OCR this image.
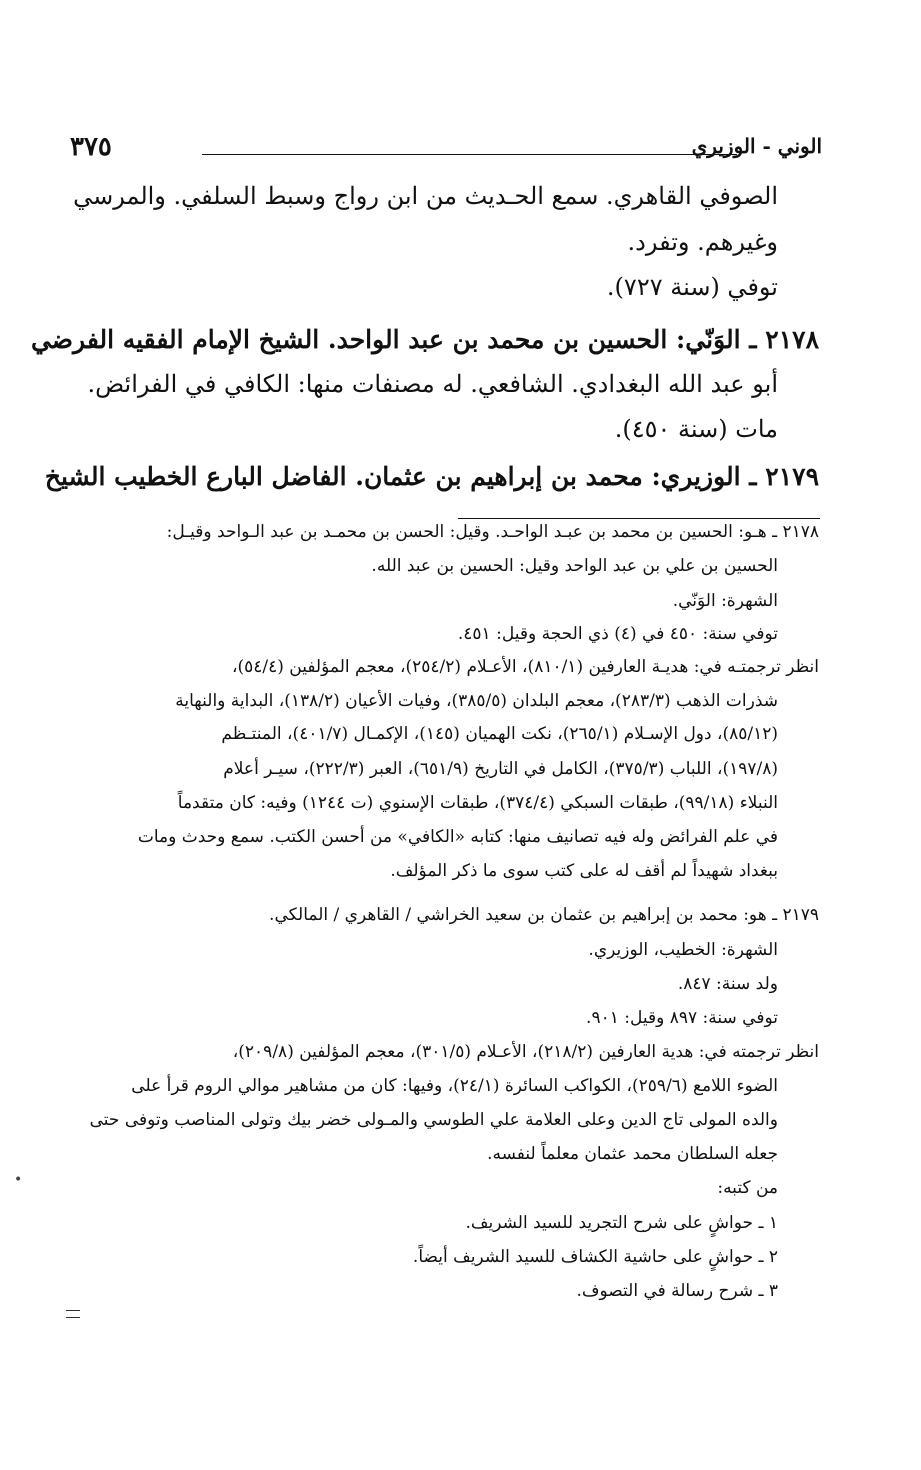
٣٧٥	الوني - الوزيري
الصوفي القاهري. سمع الحـديث من ابن رواج وسبط السلفي. والمرسي
وغيرهم. وتفرد.
توفي (سنة ٧٢٧).
٢١٧٨ ـ الوَنّي: الحسين بن محمد بن عبد الواحد. الشيخ الإمام الفقيه الفرضي
أبو عبد الله البغدادي. الشافعي. له مصنفات منها: الكافي في الفرائض.
مات (سنة ٤٥٠).
٢١٧٩ ـ الوزيري: محمد بن إبراهيم بن عثمان. الفاضل البارع الخطيب الشيخ
٢١٧٨ ـ هـو: الحسين بن محمد بن عبـد الواحـد. وقيل: الحسن بن محمـد بن عبد الـواحد وقيـل:
الحسين بن علي بن عبد الواحد وقيل: الحسين بن عبد الله.
الشهرة: الوَنّي.
توفي سنة: ٤٥٠ في (٤) ذي الحجة وقيل: ٤٥١.
انظر ترجمتـه في: هديـة العارفين (٨١٠/١)، الأعـلام (٢٥٤/٢)، معجم المؤلفين (٥٤/٤)،
شذرات الذهب (٢٨٣/٣)، معجم البلدان (٣٨٥/٥)، وفيات الأعيان (١٣٨/٢)، البداية والنهاية
(٨٥/١٢)، دول الإسـلام (٢٦٥/١)، نكت الهميان (١٤٥)، الإكمـال (٤٠١/٧)، المنتـظم
(١٩٧/٨)، اللباب (٣٧٥/٣)، الكامل في التاريخ (٦٥١/٩)، العبر (٢٢٢/٣)، سيـر أعلام
النبلاء (٩٩/١٨)، طبقات السبكي (٣٧٤/٤)، طبقات الإسنوي (ت ١٢٤٤) وفيه: كان متقدماً
في علم الفرائض وله فيه تصانيف منها: كتابه «الكافي» من أحسن الكتب. سمع وحدث ومات
ببغداد شهيداً لم أقف له على كتب سوى ما ذكر المؤلف.
٢١٧٩ ـ هو: محمد بن إبراهيم بن عثمان بن سعيد الخراشي / القاهري / المالكي.
الشهرة: الخطيب، الوزيري.
ولد سنة: ٨٤٧.
توفي سنة: ٨٩٧ وقيل: ٩٠١.
انظر ترجمته في: هدية العارفين (٢١٨/٢)، الأعـلام (٣٠١/٥)، معجم المؤلفين (٢٠٩/٨)،
الضوء اللامع (٢٥٩/٦)، الكواكب السائرة (٢٤/١)، وفيها: كان من مشاهير موالي الروم قرأ على
والده المولى تاج الدين وعلى العلامة علي الطوسي والمـولى خضر بيك وتولى المناصب وتوفى حتى
جعله السلطان محمد عثمان معلماً لنفسه.
من كتبه:
١ ـ حواشٍ على شرح التجريد للسيد الشريف.
٢ ـ حواشٍ على حاشية الكشاف للسيد الشريف أيضاً.
٣ ـ شرح رسالة في التصوف.
•
